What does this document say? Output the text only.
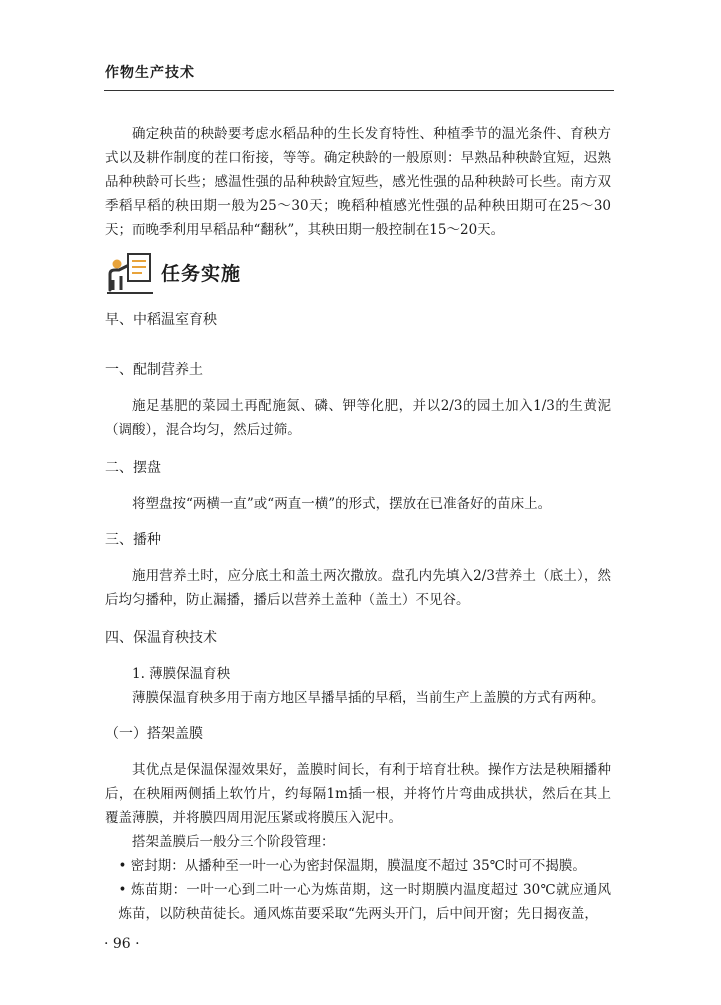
作物生产技术

确定秧苗的秧龄要考虑水稻品种的生长发育特性、种植季节的温光条件、育秧方式以及耕作制度的茬口衔接，等等。确定秧龄的一般原则：早熟品种秧龄宜短，迟熟品种秧龄可长些；感温性强的品种秧龄宜短些，感光性强的品种秧龄可长些。南方双季稻早稻的秧田期一般为25～30天；晚稻种植感光性强的品种秧田期可在25～30天；而晚季利用早稻品种“翻秋”，其秧田期一般控制在15～20天。

任务实施

早、中稻温室育秧

一、配制营养土

施足基肥的菜园土再配施氮、磷、钾等化肥，并以2/3的园土加入1/3的生黄泥（调酸），混合均匀，然后过筛。

二、摆盘

将塑盘按“两横一直”或“两直一横”的形式，摆放在已准备好的苗床上。

三、播种

施用营养土时，应分底土和盖土两次撒放。盘孔内先填入2/3营养土（底土），然后均匀播种，防止漏播，播后以营养土盖种（盖土）不见谷。

四、保温育秧技术

1. 薄膜保温育秧

薄膜保温育秧多用于南方地区旱播旱插的早稻，当前生产上盖膜的方式有两种。

（一）搭架盖膜

其优点是保温保湿效果好，盖膜时间长，有利于培育壮秧。操作方法是秧厢播种后，在秧厢两侧插上软竹片，约每隔1m插一根，并将竹片弯曲成拱状，然后在其上覆盖薄膜，并将膜四周用泥压紧或将膜压入泥中。

搭架盖膜后一般分三个阶段管理：

• 密封期：从播种至一叶一心为密封保温期，膜温度不超过 35℃时可不揭膜。

• 炼苗期：一叶一心到二叶一心为炼苗期，这一时期膜内温度超过 30℃就应通风炼苗，以防秧苗徒长。通风炼苗要采取“先两头开门，后中间开窗；先日揭夜盖，

· 96 ·
